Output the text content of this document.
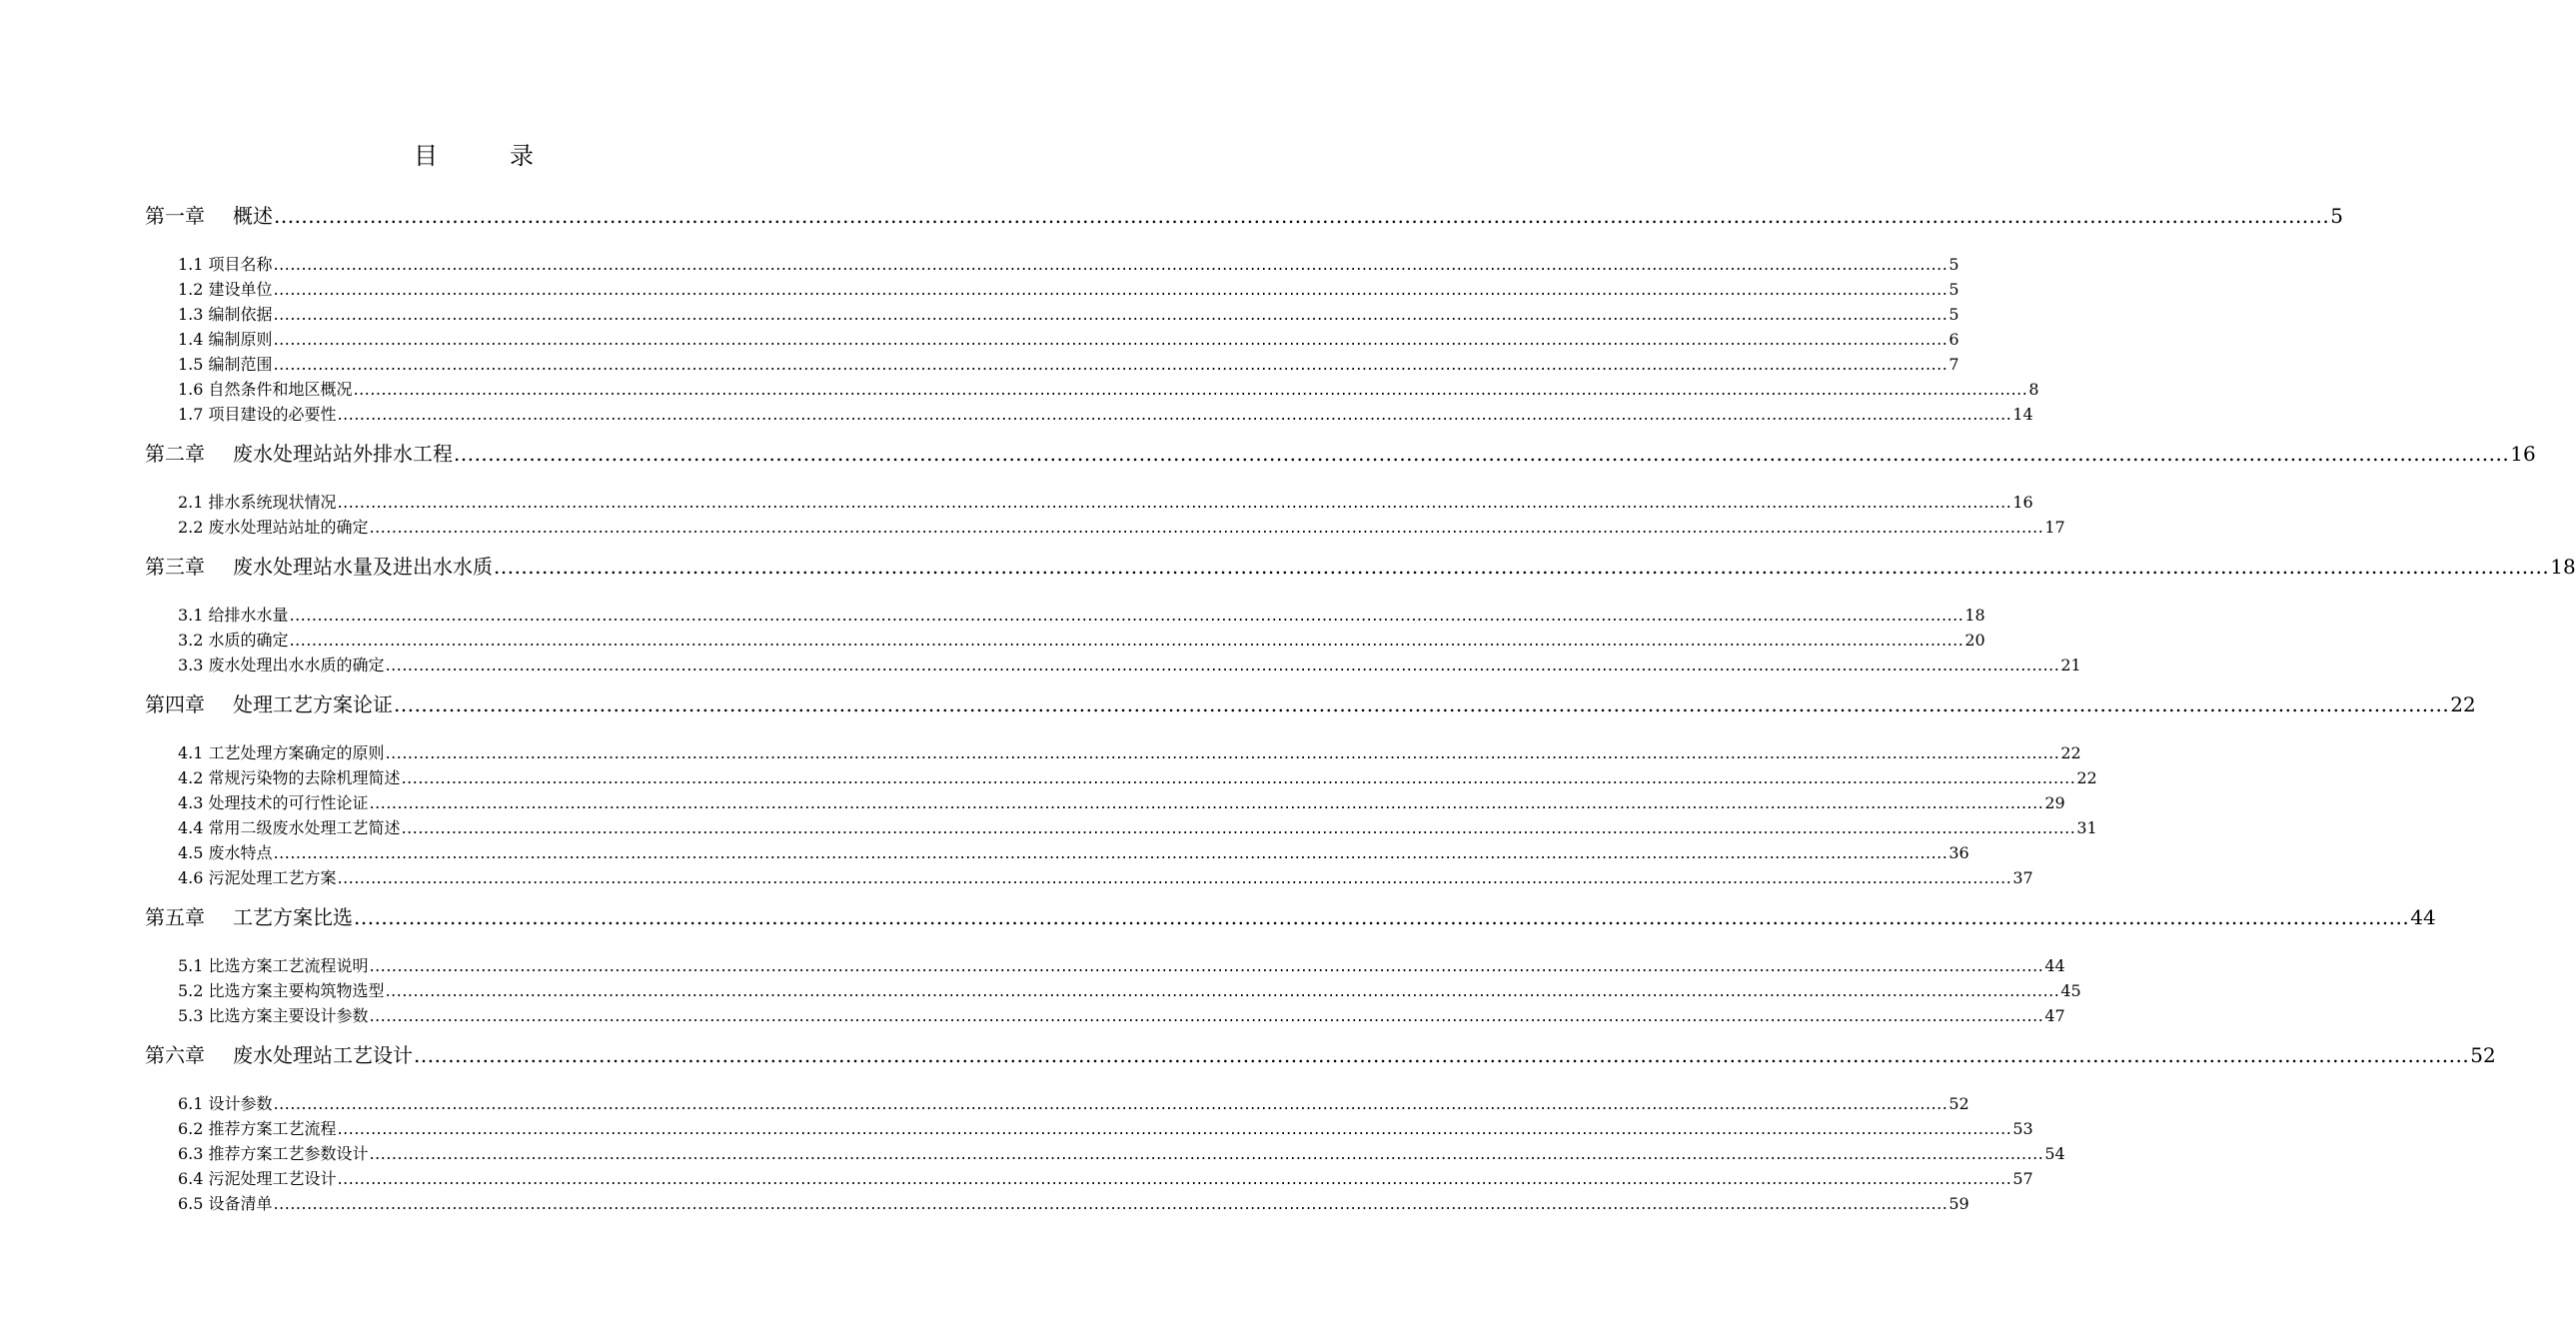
目　录
第一章 概述 ............................................................................................................................................................................................................................................................................................................ 5
1.1 项目名称 ............................................................................................................................................................................................................................................................................................................ 5
1.2 建设单位 ............................................................................................................................................................................................................................................................................................................ 5
1.3 编制依据 ............................................................................................................................................................................................................................................................................................................ 5
1.4 编制原则 ............................................................................................................................................................................................................................................................................................................ 6
1.5 编制范围 ............................................................................................................................................................................................................................................................................................................ 7
1.6 自然条件和地区概况 ............................................................................................................................................................................................................................................................................................................ 8
1.7 项目建设的必要性 ............................................................................................................................................................................................................................................................................................................ 14
第二章 废水处理站站外排水工程 ............................................................................................................................................................................................................................................................................................................ 16
2.1 排水系统现状情况 ............................................................................................................................................................................................................................................................................................................ 16
2.2 废水处理站站址的确定 ............................................................................................................................................................................................................................................................................................................ 17
第三章 废水处理站水量及进出水水质 ............................................................................................................................................................................................................................................................................................................ 18
3.1 给排水水量 ............................................................................................................................................................................................................................................................................................................ 18
3.2 水质的确定 ............................................................................................................................................................................................................................................................................................................ 20
3.3 废水处理出水水质的确定 ............................................................................................................................................................................................................................................................................................................ 21
第四章 处理工艺方案论证 ............................................................................................................................................................................................................................................................................................................ 22
4.1 工艺处理方案确定的原则 ............................................................................................................................................................................................................................................................................................................ 22
4.2 常规污染物的去除机理简述 ............................................................................................................................................................................................................................................................................................................ 22
4.3 处理技术的可行性论证 ............................................................................................................................................................................................................................................................................................................ 29
4.4 常用二级废水处理工艺简述 ............................................................................................................................................................................................................................................................................................................ 31
4.5 废水特点 ............................................................................................................................................................................................................................................................................................................ 36
4.6 污泥处理工艺方案 ............................................................................................................................................................................................................................................................................................................ 37
第五章 工艺方案比选 ............................................................................................................................................................................................................................................................................................................ 44
5.1 比选方案工艺流程说明 ............................................................................................................................................................................................................................................................................................................ 44
5.2 比选方案主要构筑物选型 ............................................................................................................................................................................................................................................................................................................ 45
5.3 比选方案主要设计参数 ............................................................................................................................................................................................................................................................................................................ 47
第六章 废水处理站工艺设计 ............................................................................................................................................................................................................................................................................................................ 52
6.1 设计参数 ............................................................................................................................................................................................................................................................................................................ 52
6.2 推荐方案工艺流程 ............................................................................................................................................................................................................................................................................................................ 53
6.3 推荐方案工艺参数设计 ............................................................................................................................................................................................................................................................................................................ 54
6.4 污泥处理工艺设计 ............................................................................................................................................................................................................................................................................................................ 57
6.5 设备清单 ............................................................................................................................................................................................................................................................................................................ 59
